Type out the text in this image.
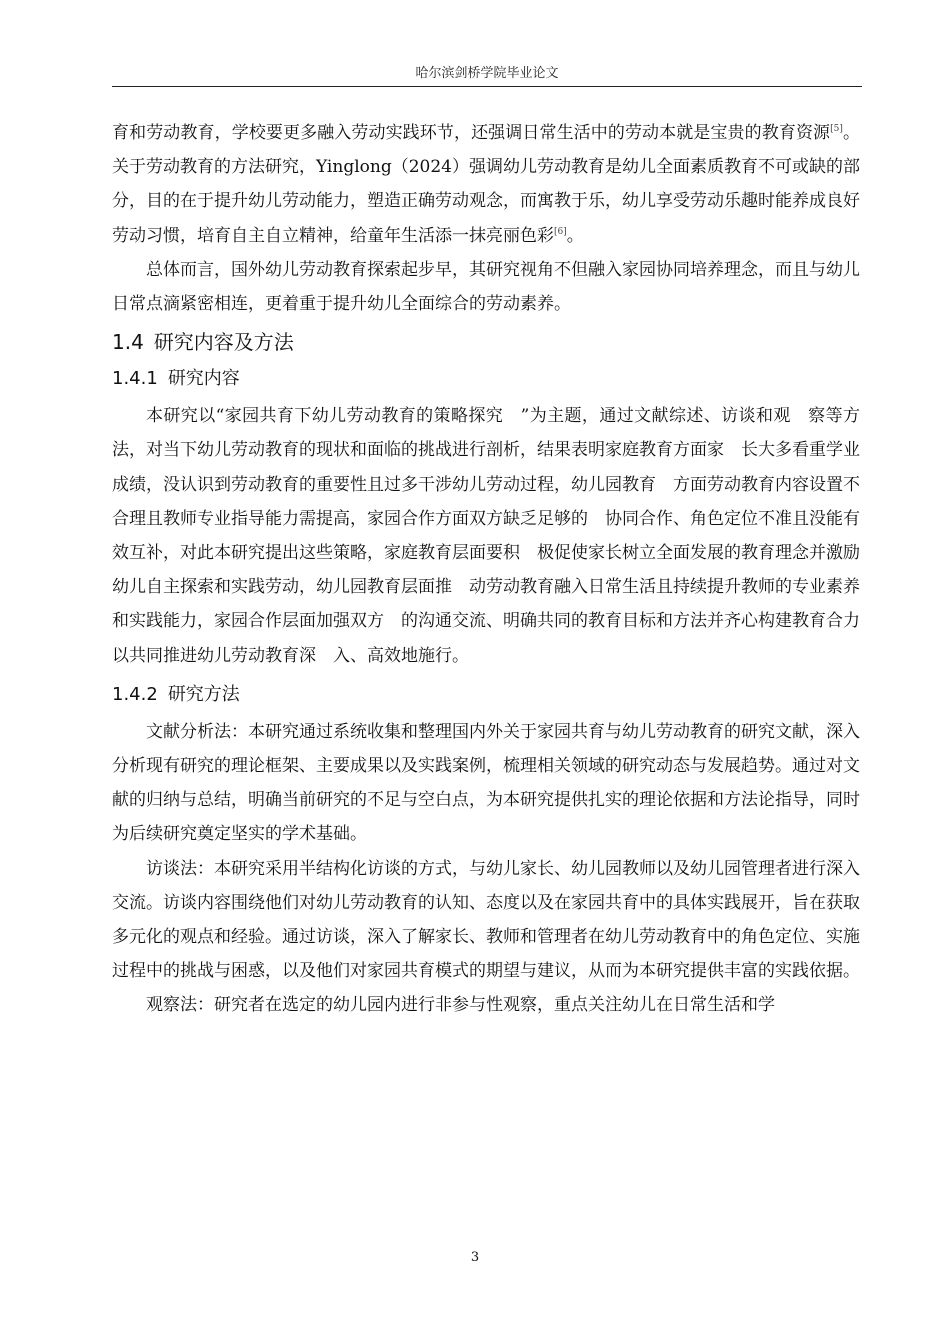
哈尔滨剑桥学院毕业论文

育和劳动教育，学校要更多融入劳动实践环节，还强调日常生活中的劳动本就是宝贵的教育资源[5]。关于劳动教育的方法研究，Yinglong（2024）强调幼儿劳动教育是幼儿全面素质教育不可或缺的部分，目的在于提升幼儿劳动能力，塑造正确劳动观念，而寓教于乐，幼儿享受劳动乐趣时能养成良好劳动习惯，培育自主自立精神，给童年生活添一抹亮丽色彩[6]。

总体而言，国外幼儿劳动教育探索起步早，其研究视角不但融入家园协同培养理念，而且与幼儿日常点滴紧密相连，更着重于提升幼儿全面综合的劳动素养。

1.4 研究内容及方法
1.4.1 研究内容

本研究以“家园共育下幼儿劳动教育的策略探究　”为主题，通过文献综述、访谈和观　察等方法，对当下幼儿劳动教育的现状和面临的挑战进行剖析，结果表明家庭教育方面家　长大多看重学业成绩，没认识到劳动教育的重要性且过多干涉幼儿劳动过程，幼儿园教育　方面劳动教育内容设置不合理且教师专业指导能力需提高，家园合作方面双方缺乏足够的　协同合作、角色定位不准且没能有效互补，对此本研究提出这些策略，家庭教育层面要积　极促使家长树立全面发展的教育理念并激励幼儿自主探索和实践劳动，幼儿园教育层面推　动劳动教育融入日常生活且持续提升教师的专业素养和实践能力，家园合作层面加强双方　的沟通交流、明确共同的教育目标和方法并齐心构建教育合力以共同推进幼儿劳动教育深　入、高效地施行。

1.4.2 研究方法

文献分析法：本研究通过系统收集和整理国内外关于家园共育与幼儿劳动教育的研究文献，深入分析现有研究的理论框架、主要成果以及实践案例，梳理相关领域的研究动态与发展趋势。通过对文献的归纳与总结，明确当前研究的不足与空白点，为本研究提供扎实的理论依据和方法论指导，同时为后续研究奠定坚实的学术基础。

访谈法：本研究采用半结构化访谈的方式，与幼儿家长、幼儿园教师以及幼儿园管理者进行深入交流。访谈内容围绕他们对幼儿劳动教育的认知、态度以及在家园共育中的具体实践展开，旨在获取多元化的观点和经验。通过访谈，深入了解家长、教师和管理者在幼儿劳动教育中的角色定位、实施过程中的挑战与困惑，以及他们对家园共育模式的期望与建议，从而为本研究提供丰富的实践依据。

观察法：研究者在选定的幼儿园内进行非参与性观察，重点关注幼儿在日常生活和学

3
